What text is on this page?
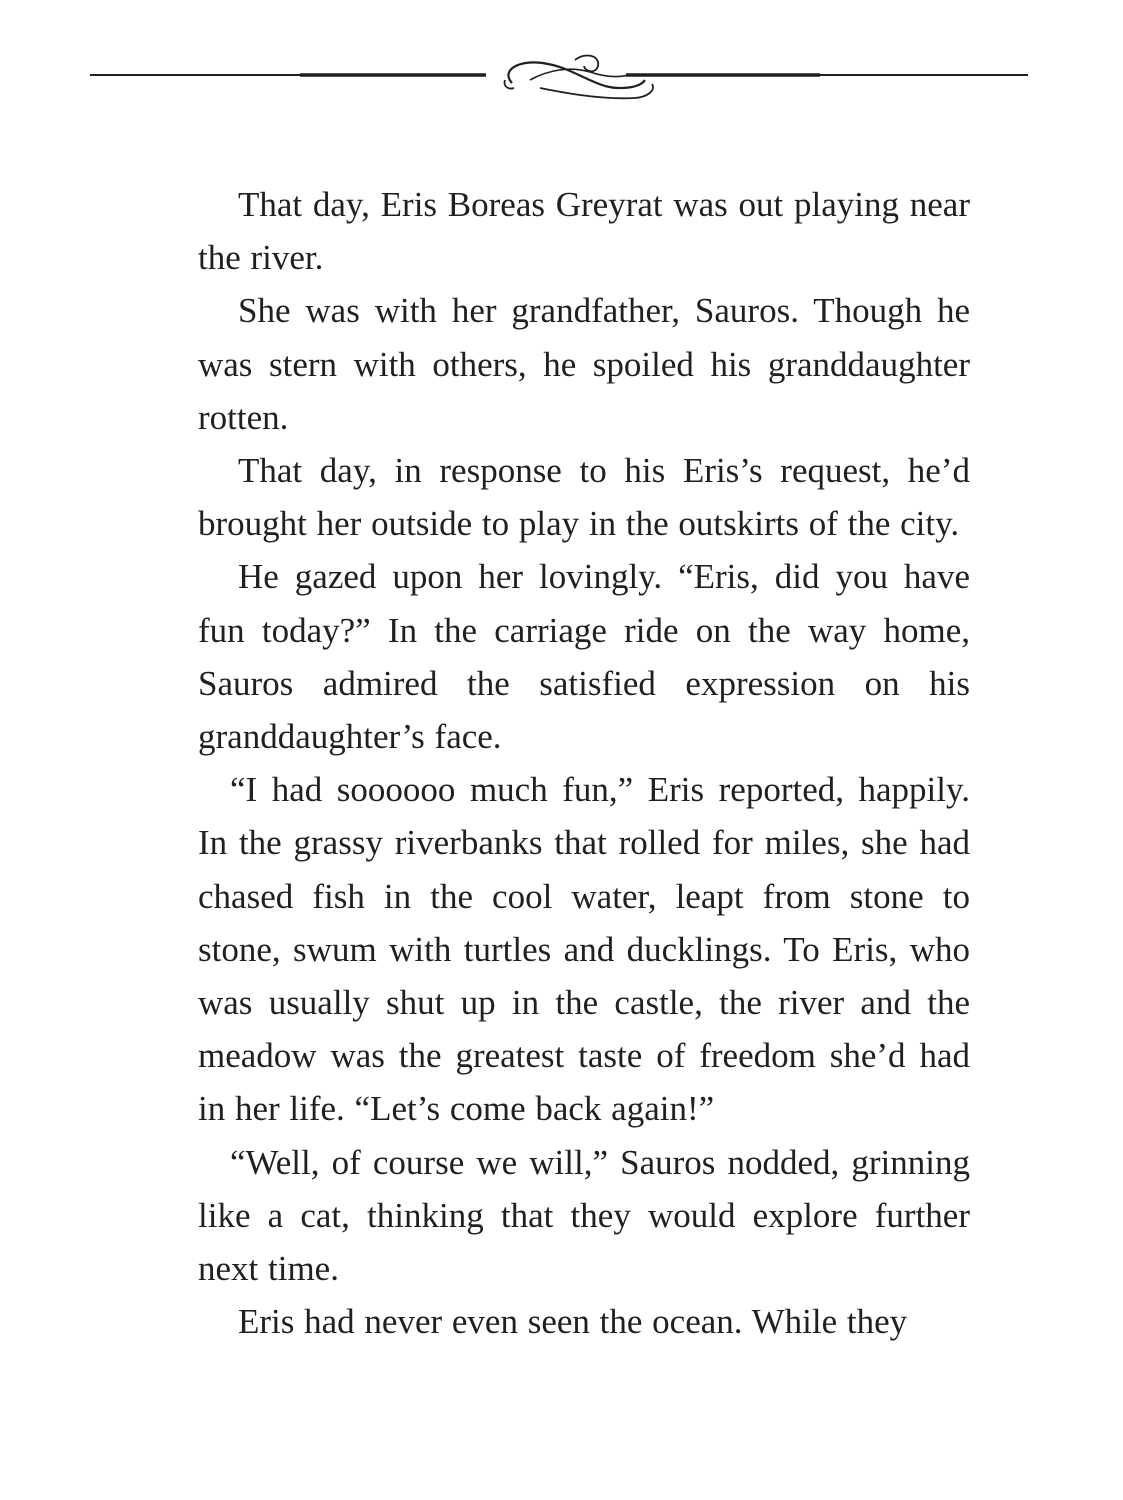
That day, Eris Boreas Greyrat was out playing near the river.

She was with her grandfather, Sauros. Though he was stern with others, he spoiled his granddaughter rotten.

That day, in response to his Eris’s request, he’d brought her outside to play in the outskirts of the city.

He gazed upon her lovingly. “Eris, did you have fun today?” In the carriage ride on the way home, Sauros admired the satisfied expression on his granddaughter’s face.

“I had soooooo much fun,” Eris reported, happily. In the grassy riverbanks that rolled for miles, she had chased fish in the cool water, leapt from stone to stone, swum with turtles and ducklings. To Eris, who was usually shut up in the castle, the river and the meadow was the greatest taste of freedom she’d had in her life. “Let’s come back again!”

“Well, of course we will,” Sauros nodded, grinning like a cat, thinking that they would explore further next time.

Eris had never even seen the ocean. While they
